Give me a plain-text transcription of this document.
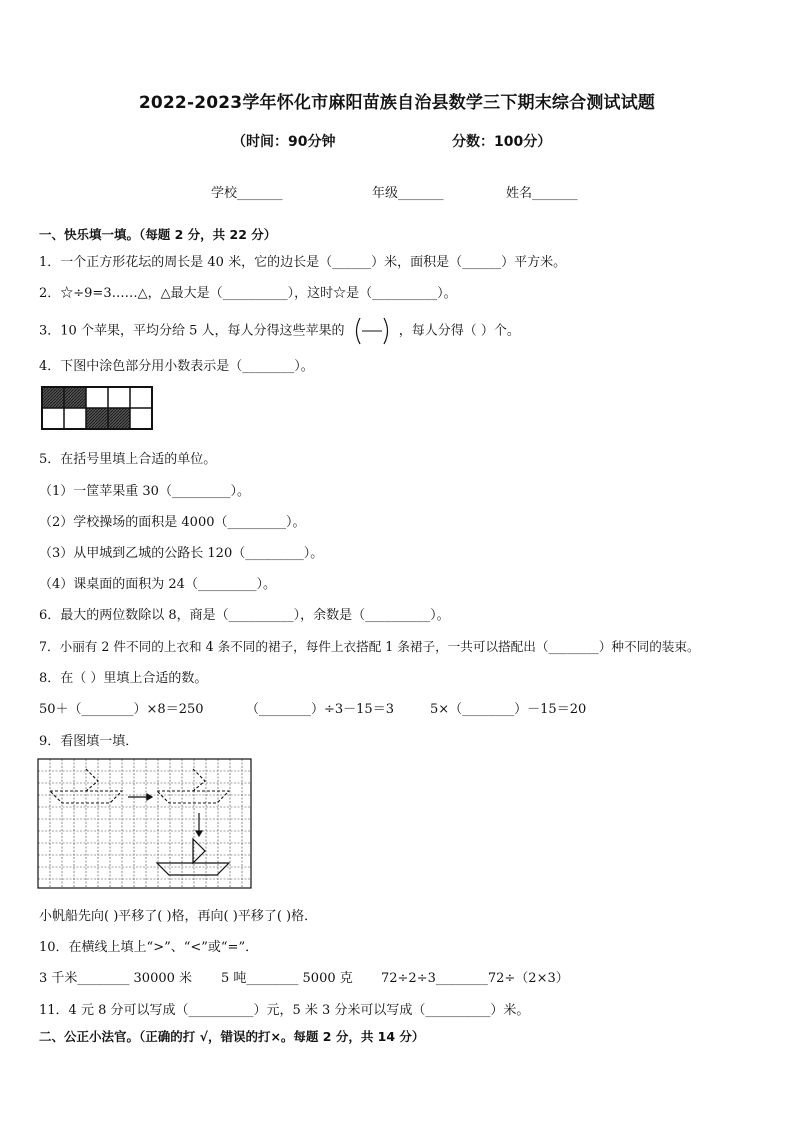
2022-2023学年怀化市麻阳苗族自治县数学三下期末综合测试试题
（时间：90分钟	分数：100分）
学校_______	年级_______	姓名_______
一、快乐填一填。（每题 2 分，共 22 分）
1．一个正方形花坛的周长是 40 米，它的边长是（______）米，面积是（______）平方米。
2．☆÷9=3……△，△最大是（__________），这时☆是（__________）。
3．10 个苹果，平均分给 5 人，每人分得这些苹果的	，每人分得（ ）个。
4．下图中涂色部分用小数表示是（________）。
5．在括号里填上合适的单位。
（1）一筐苹果重 30（_________）。
（2）学校操场的面积是 4000（_________）。
（3）从甲城到乙城的公路长 120（_________）。
（4）课桌面的面积为 24（_________）。
6．最大的两位数除以 8，商是（__________），余数是（__________）。
7．小丽有 2 件不同的上衣和 4 条不同的裙子，每件上衣搭配 1 条裙子，一共可以搭配出（________）种不同的装束。
8．在（ ）里填上合适的数。
50＋（________）×8＝250	（________）÷3－15＝3	5×（________）－15＝20
9．看图填一填．
小帆船先向( )平移了( )格，再向( )平移了( )格．
10．在横线上填上“>”、“<”或“=”．
3 千米________ 30000 米 5 吨________ 5000 克 72÷2÷3________72÷（2×3）
11．4 元 8 分可以写成（__________）元，5 米 3 分米可以写成（__________）米。
二、公正小法官。（正确的打 √，错误的打×。每题 2 分，共 14 分）
